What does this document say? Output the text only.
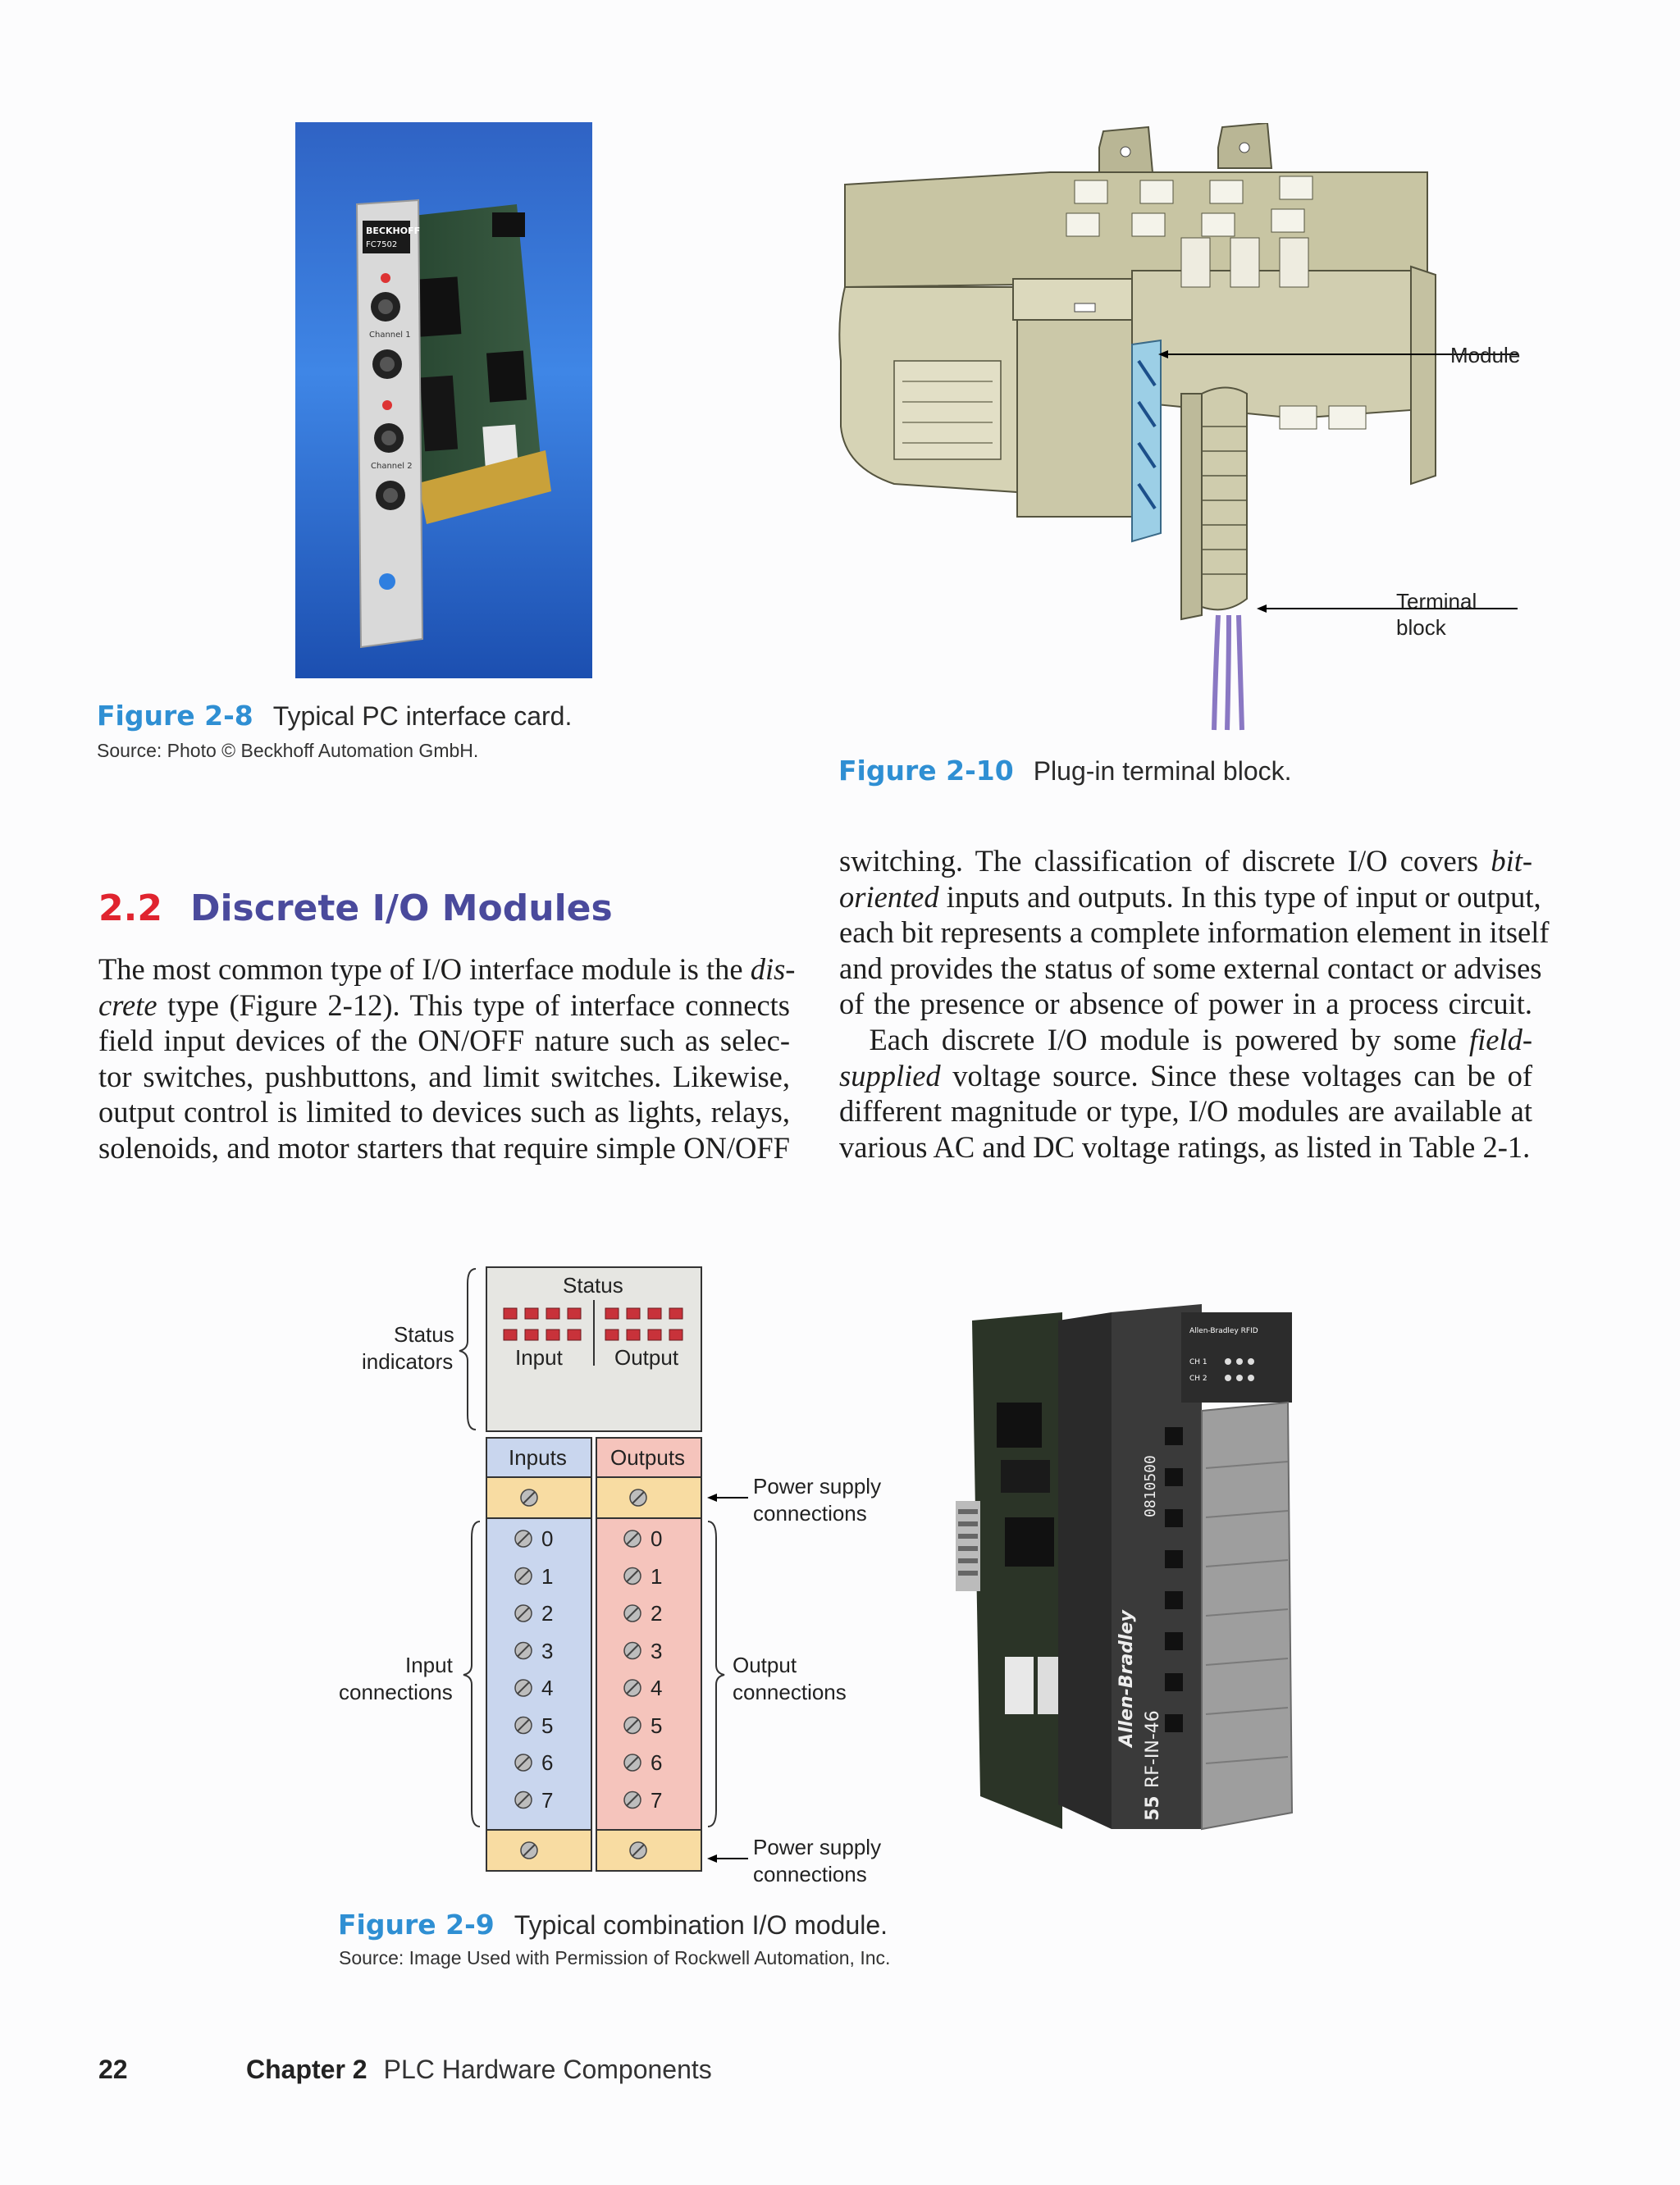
BECKHOFF
FC7502
Channel 1
Channel 2
Figure 2-8 Typical PC interface card.
Source: Photo © Beckhoff Automation GmbH.
Module
Terminal
block
Figure 2-10 Plug-in terminal block.
2.2 Discrete I/O Modules
The most common type of I/O interface module is the dis-
crete type (Figure 2-12). This type of interface connects
field input devices of the ON/OFF nature such as selec-
tor switches, pushbuttons, and limit switches. Likewise,
output control is limited to devices such as lights, relays,
solenoids, and motor starters that require simple ON/OFF
switching. The classification of discrete I/O covers bit-
oriented inputs and outputs. In this type of input or output,
each bit represents a complete information element in itself
and provides the status of some external contact or advises
of the presence or absence of power in a process circuit.
 Each discrete I/O module is powered by some field-
supplied voltage source. Since these voltages can be of
different magnitude or type, I/O modules are available at
various AC and DC voltage ratings, as listed in Table 2-1.
Status
Input Output
Status
indicators
Inputs Outputs
Power supply
connections
Power supply
connections
Input
connections
Output
connections
0	0
1	1
2	2
3	3
4	4
5	5
6	6
7	7
Allen-Bradley RFID
CH 1
CH 2
Allen-Bradley
55
RF-IN-46
0810500
Figure 2-9 Typical combination I/O module.
Source: Image Used with Permission of Rockwell Automation, Inc.
22	Chapter 2 PLC Hardware Components
